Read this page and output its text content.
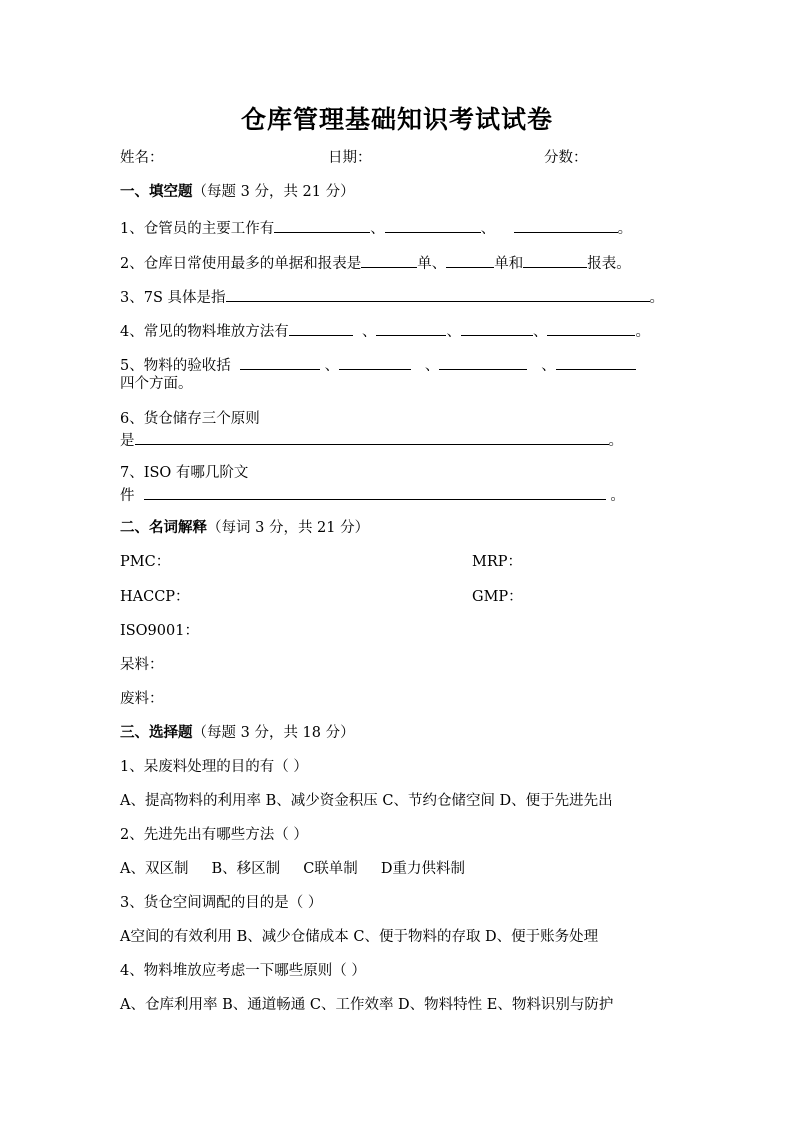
仓库管理基础知识考试试卷
姓名：	日期：	分数：
一、填空题（每题 3 分，共 21 分）
1、仓管员的主要工作有	、	、	。
2、仓库日常使用最多的单据和报表是	单、	单和	报表。
3、7S 具体是指	。
4、常见的物料堆放方法有	、	、	、	。
5、物料的验收括	、	、	、
四个方面。
6、货仓储存三个原则
是	。
7、ISO 有哪几阶文
件	。
二、名词解释（每词 3 分，共 21 分）
PMC：	MRP：
HACCP：	GMP：
ISO9001：
呆料：
废料：
三、选择题（每题 3 分，共 18 分）
1、呆废料处理的目的有（ ）
A、提高物料的利用率 B、减少资金积压 C、节约仓储空间 D、便于先进先出
2、先进先出有哪些方法（ ）
A、双区制     B、移区制     C联单制     D重力供料制
3、货仓空间调配的目的是（ ）
A空间的有效利用 B、减少仓储成本 C、便于物料的存取 D、便于账务处理
4、物料堆放应考虑一下哪些原则（ ）
A、仓库利用率 B、通道畅通 C、工作效率 D、物料特性 E、物料识别与防护
